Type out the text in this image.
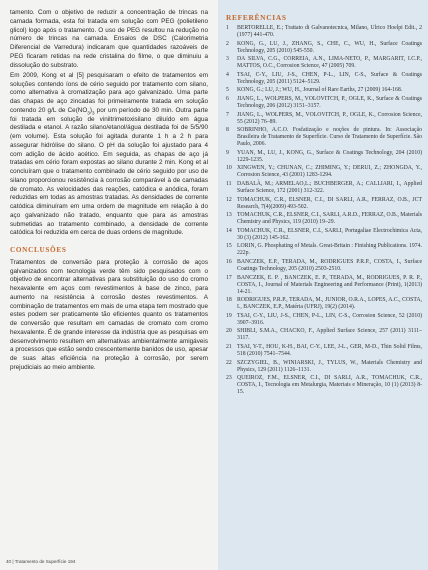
tamento. Com o objetivo de reduzir a concentração de trincas na camada formada, esta foi tratada em solução com PEG (polietileno glicol) logo após o tratamento. O uso de PEG resultou na redução no número de trincas na camada. Ensaios de DSC (Calorimetria Diferencial de Varredura) indicaram que quantidades razoáveis de PEG ficaram retidas na rede cristalina do filme, o que diminuiu a dissolução do substrato.

Em 2009, Kong et al [5] pesquisaram o efeito de tratamentos em soluções contendo íons de cério seguido por tratamento com silano, como alternativa à cromatização para aço galvanizado. Uma parte das chapas de aço zincadas foi primeiramente tratada em solução contendo 20 g/L de $Ce(NO_3)_3$ por um período de 30 min. Outra parte foi tratada em solução de viniltrimetoxisilano diluído em água destilada e etanol. A razão silano/etanol/água destilada foi de 5/5/90 (em volume). Esta solução foi agitada durante 1 h a 2 h para assegurar hidrólise do silano. O pH da solução foi ajustado para 4 com adição de ácido acético. Em seguida, as chapas de aço já tratadas em cério foram expostas ao silano durante 2 min. Kong et al concluíram que o tratamento combinado de cério seguido por uso de silano proporcionou resistência à corrosão comparável à de camadas de cromato. As velocidades das reações, catódica e anódica, foram reduzidas em todas as amostras tratadas. As densidades de corrente catódica diminuíram em uma ordem de magnitude em relação à do aço galvanizado não tratado, enquanto que para as amostras submetidas ao tratamento combinado, a densidade de corrente catódica foi reduzida em cerca de duas ordens de magnitude.

CONCLUSÕES

Tratamentos de conversão para proteção à corrosão de aços galvanizados com tecnologia verde têm sido pesquisados com o objetivo de encontrar alternativas para substituição do uso do cromo hexavalente em aços com revestimentos à base de zinco, para aumento na resistência à corrosão destes revestimentos. A combinação de tratamentos em mais de uma etapa tem mostrado que estes podem ser praticamente tão eficientes quanto os tratamentos de conversão que resultam em camadas de cromato com cromo hexavalente. É de grande interesse da indústria que as pesquisas em desenvolvimento resultem em alternativas ambientalmente amigáveis a processos que estão sendo crescentemente banidos de uso, apesar de suas altas eficiência na proteção à corrosão, por serem prejudiciais ao meio ambiente.

REFERÊNCIAS
1	BERTORELLE, E.; Trattato di Galvanotecnica, Milano, Ulrico Hoelpi Edit., 2 (1977) 441-470.
2	KONG, G., LU, J., ZHANG, S., CHE, C., WU, H., Surface Coatings Technology, 205 (2010) 545-550.
3	DA SILVA, C.G., CORREIA, A.N., LIMA-NETO, P., MARGARIT, I.C.P., MATTOS, O.C., Corrosion Science, 47 (2005) 709.
4	TSAI, C-Y., LIU, J-S., CHEN, P-L., LIN, C-S., Surface & Coatings Technology, 205 (2011) 5124–5129.
5	KONG, G.; LU, J.; WU, H., Journal of Rare Earths, 27 (2009) 164-168.
6	JIANG, L., WOLPERS, M., VOLOVITCH, P., OGLE, K., Surface & Coatings Technology, 206 (2012) 3151–3157.
7	JIANG, L., WOLPERS, M., VOLOVITCH, P., OGLE, K., Corrosion Science, 55 (2012) 76–89.
8	SOBRINHO, A.C.O. Fosfatização e noções de pintura. In: Associação Brasileira de Tratamento de Superfície. Curso de Tratamento de Superfície. São Paulo, 2006.
9	YUAN, M., LU, J., KONG, G., Surface & Coatings Technology, 204 (2010) 1229-1235.
10 XINGWEN, Y.; CHUNAN, C.; ZHIMING, Y.; DERUI, Z.; ZHONGDA, Y., Corrosion Science, 43 (2001) 1283-1294.
11 DABALÀ, M.; ARMELAO,L.; BUCHBERGER, A.; CALLIARI, I., Applied Surface Science, 172 (2001) 312-322.
12 TOMACHUK, C.R., ELSNER, C.I., DI SARLI, A.R., FERRAZ, O.B., JCT Research, 7(4)(2009) 493-502.
13 TOMACHUK, C.R., ELSNER, C.I., SARLI, A.R.D., FERRAZ, O.B., Materials Chemistry and Physics, 119 (2010) 19–29.
14 TOMACHUK, C.R., ELSNER, C.I., SARLI, Portugaliae Electrochimica Acta, 30 (3) (2012) 145-162.
15 LORIN, G. Phosphating of Metals. Great-Britain : Finishing Publications. 1974. 222p.
16 BANCZEK, E.P., TERADA, M., RODRIGUES P.R.P., COSTA, I., Surface Coatings Technology, 205 (2010) 2503-2510.
17 BANCZEK, E. P. , BANCZEK, E. P., TERADA, M., RODRIGUES, P. R. P., COSTA, I., Journal of Materials Engineering and Performance (Print), 1(2013) 14-21.
18 RODRIGUES, P.R.P., TERADA, M., JUNIOR, O.R.A., LOPES, A.C., COSTA, I., BANCZEK, E.P., Matéria (UFRJ), 19(2) (2014).
19 TSAI, C-Y., LIU, J-S., CHEN, P-L., LIN, C-S., Corrosion Science, 52 (2010) 3907–3916.
20 SHIBLI, S.M.A., CHACKO, F., Applied Surface Science, 257 (2011) 3111–3117.
21 TSAI, Y-T., HOU, K-H., BAI, C-Y., LEE, J-L., GER, M-D., Thin Solid Films, 518 (2010) 7541–7544.
22 SZCZYGIEL, B., WINIARSKI, J., TYLUS, W., Materials Chemistry and Physics, 129 (2011) 1126–1131.
23 QUEIROZ, F.M., ELSNER, C.I., DI SARLI, A.R., TOMACHUK, C.R., COSTA, I., Tecnologia em Metalurgia, Materiais e Mineração, 10 (1) (2013) 8-15.
40 | Tratamento de Superfície 194
